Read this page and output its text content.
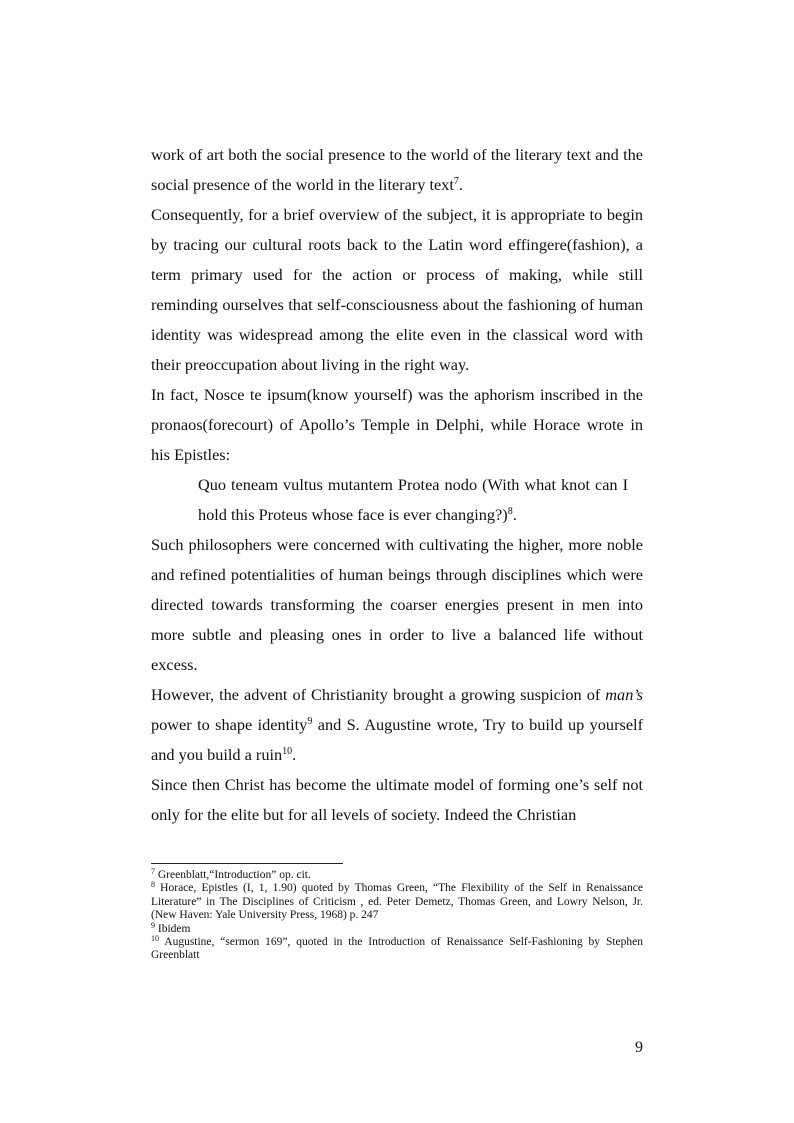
work of art both the social presence to the world of the literary text and the social presence of the world in the literary text$^7$.

Consequently, for a brief overview of the subject, it is appropriate to begin by tracing our cultural roots back to the Latin word effingere(fashion), a term primary used for the action or process of making, while still reminding ourselves that self-consciousness about the fashioning of human identity was widespread among the elite even in the classical word with their preoccupation about living in the right way.

In fact, Nosce te ipsum(know yourself) was the aphorism inscribed in the pronaos(forecourt) of Apollo’s Temple in Delphi, while Horace wrote in his Epistles:

Quo teneam vultus mutantem Protea nodo (With what knot can I hold this Proteus whose face is ever changing?)$^8$.

Such philosophers were concerned with cultivating the higher, more noble and refined potentialities of human beings through disciplines which were directed towards transforming the coarser energies present in men into more subtle and pleasing ones in order to live a balanced life without excess.

However, the advent of Christianity brought a growing suspicion of man’s power to shape identity$^9$ and S. Augustine wrote, Try to build up yourself and you build a ruin$^{10}$.

Since then Christ has become the ultimate model of forming one’s self not only for the elite but for all levels of society. Indeed the Christian

$^7$ Greenblatt,“Introduction” op. cit.

$^8$ Horace, Epistles (I, 1, 1.90) quoted by Thomas Green, “The Flexibility of the Self in Renaissance Literature” in The Disciplines of Criticism , ed. Peter Demetz, Thomas Green, and Lowry Nelson, Jr. (New Haven: Yale University Press, 1968) p. 247

$^9$ Ibidem

$^{10}$ Augustine, “sermon 169”, quoted in the Introduction of Renaissance Self-Fashioning by Stephen Greenblatt

9
